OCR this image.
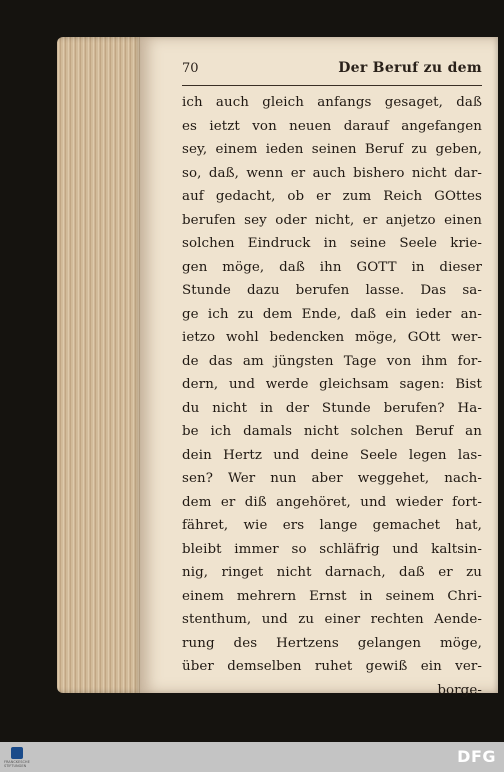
70	Der Beruf zu dem
ich auch gleich anfangs gesaget, daß
es ietzt von neuen darauf angefangen
sey, einem ieden seinen Beruf zu geben,
so, daß, wenn er auch bishero nicht dar-
auf gedacht, ob er zum Reich GOttes
berufen sey oder nicht, er anjetzo einen
solchen Eindruck in seine Seele krie-
gen möge, daß ihn GOTT in dieser
Stunde dazu berufen lasse. Das sa-
ge ich zu dem Ende, daß ein ieder an-
ietzo wohl bedencken möge, GOtt wer-
de das am jüngsten Tage von ihm for-
dern, und werde gleichsam sagen: Bist
du nicht in der Stunde berufen? Ha-
be ich damals nicht solchen Beruf an
dein Hertz und deine Seele legen las-
sen? Wer nun aber weggehet, nach-
dem er diß angehöret, und wieder fort-
fähret, wie ers lange gemachet hat,
bleibt immer so schläfrig und kaltsin-
nig, ringet nicht darnach, daß er zu
einem mehrern Ernst in seinem Chri-
stenthum, und zu einer rechten Aende-
rung des Hertzens gelangen möge,
über demselben ruhet gewiß ein ver-
borge-
FRANCKESCHE STIFTUNGEN	DFG
